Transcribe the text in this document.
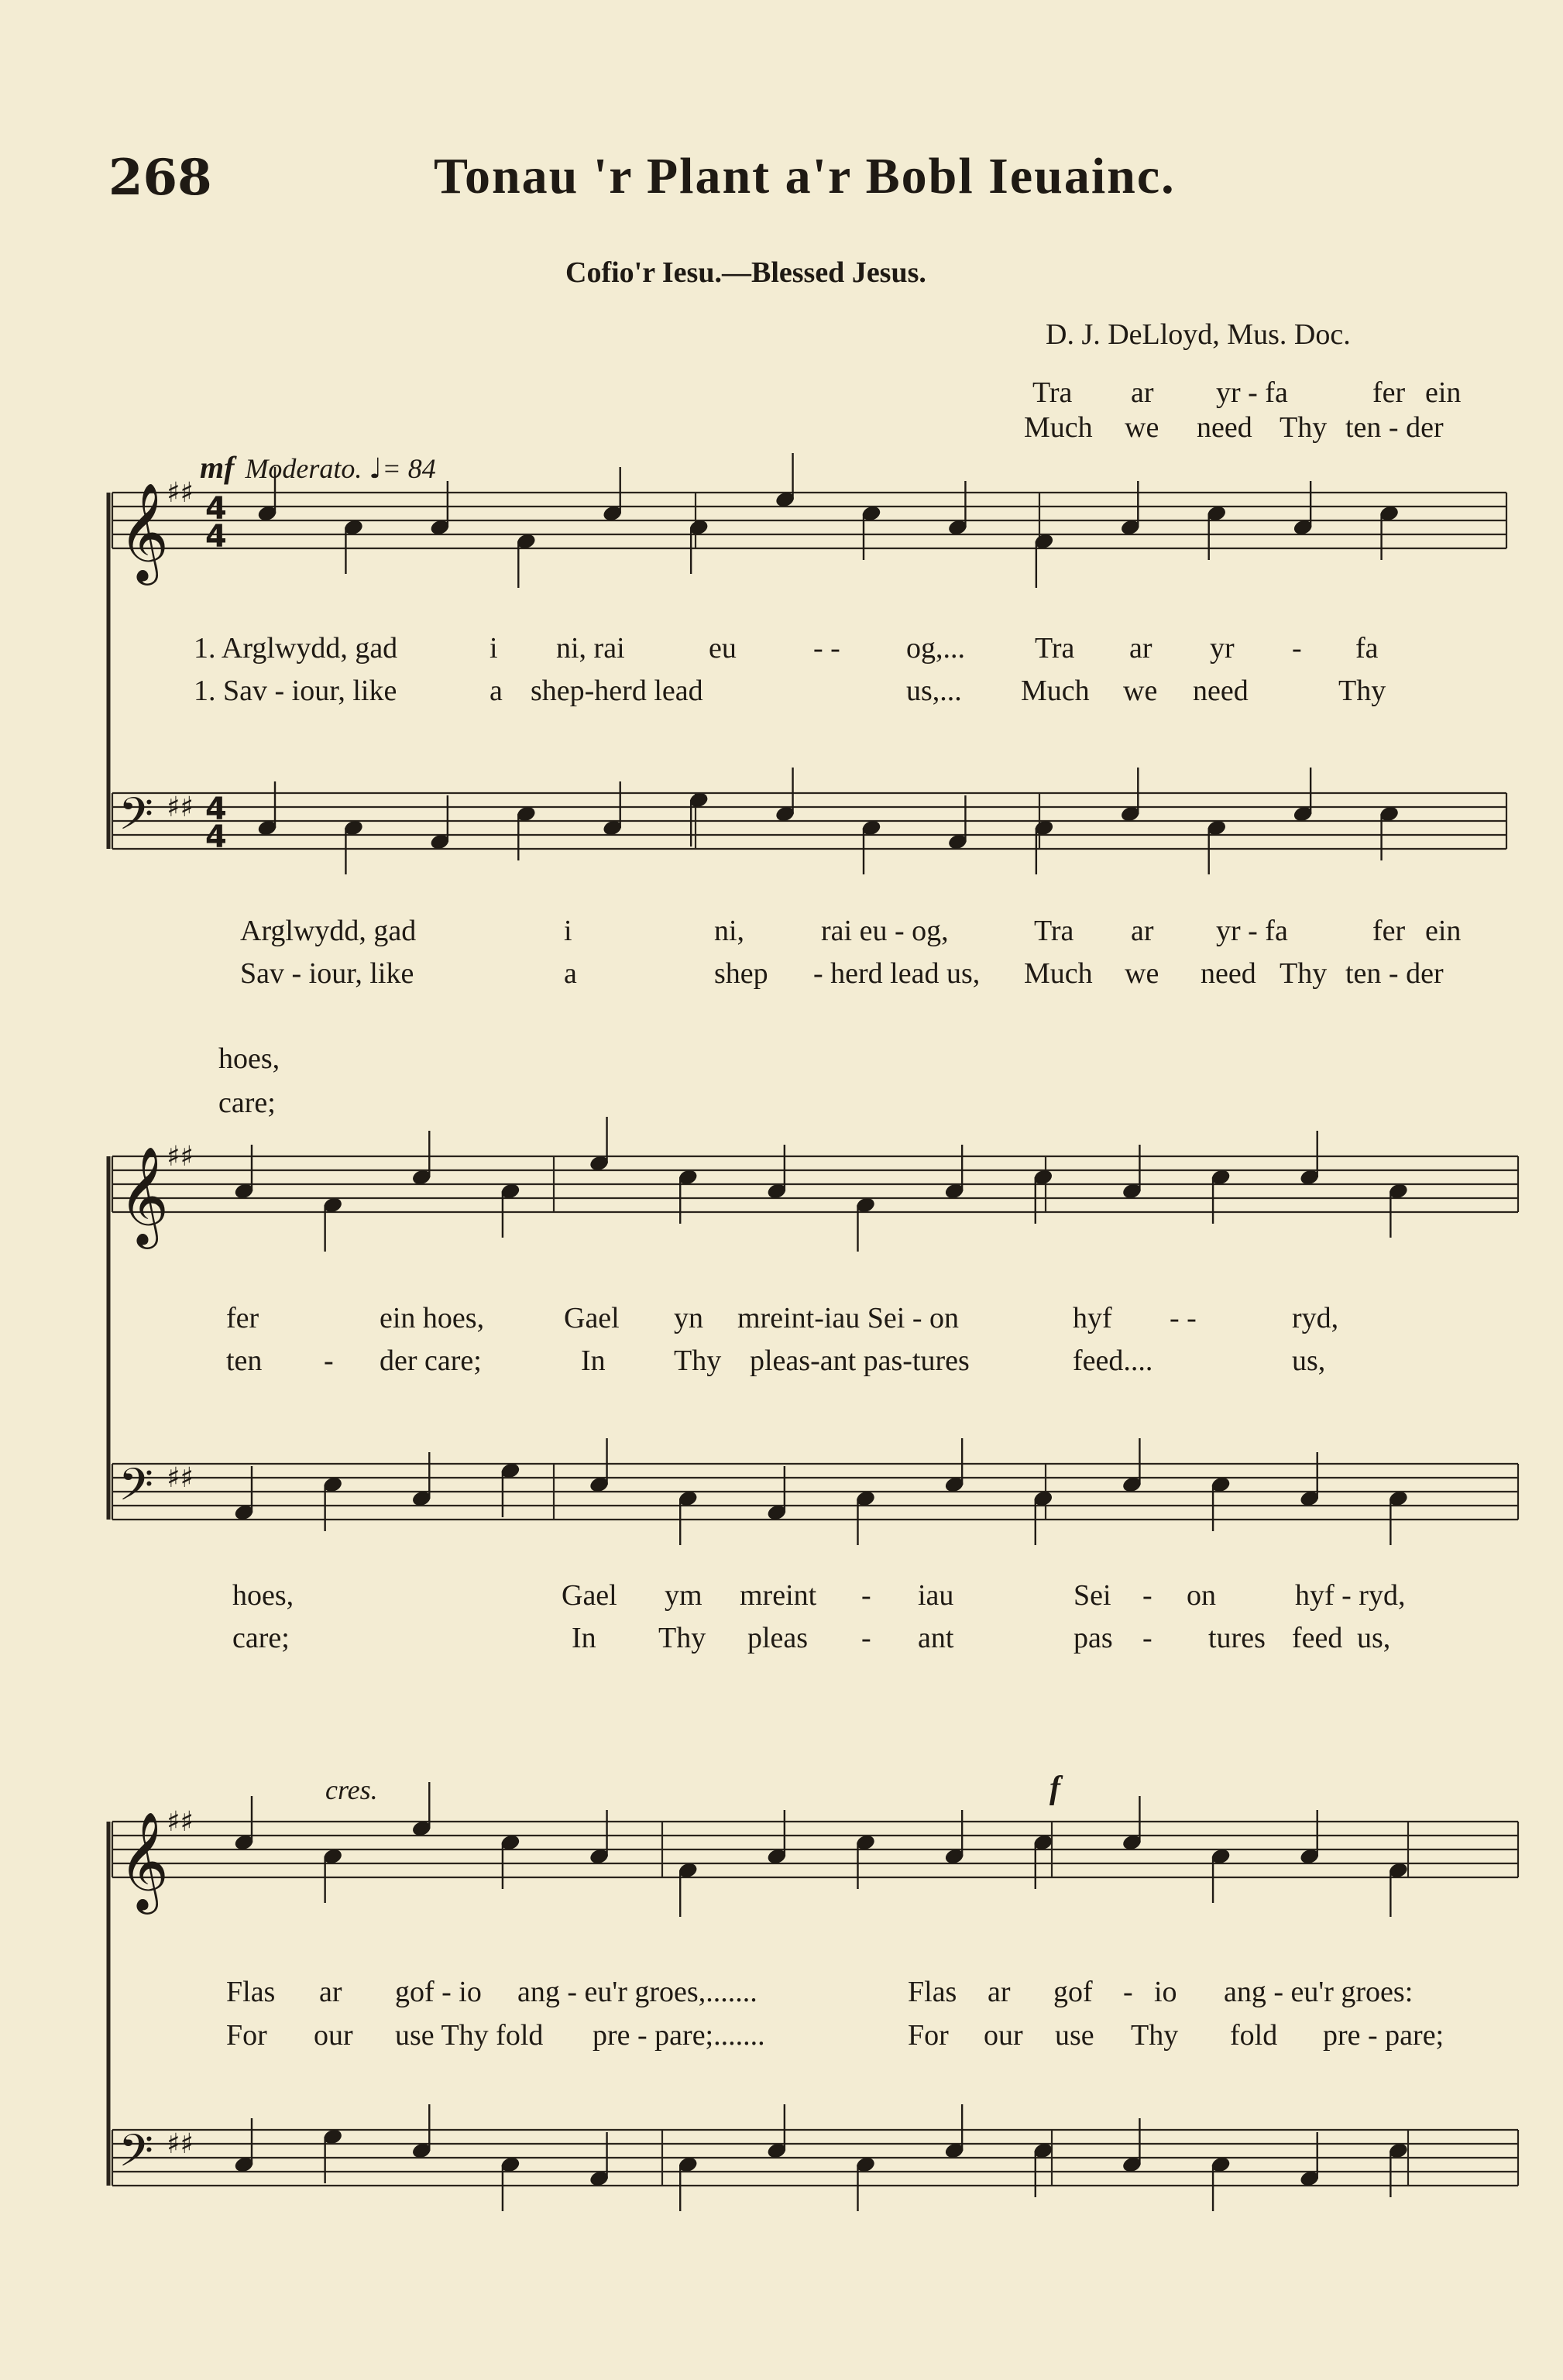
268	Tonau 'r Plant a'r Bobl Ieuainc.
Cofio'r Iesu.—Blessed Jesus.
D. J. DeLloyd, Mus. Doc.
mf Moderato. ♩= 84
cres.	f
𝄞
♯♯ 4
4
𝄢 ♯♯ 4
4
𝄞
♯♯
𝄢 ♯♯
𝄞
♯♯
𝄢 ♯♯
Tra ar yr - fa	fer ein
Much we need Thy ten - der
1. Arglwydd, gad	i ni, rai	eu	- - og,... Tra ar yr - fa
1. Sav - iour, like	a shep-herd lead	us,... Much we need	Thy
Arglwydd, gad	i	ni,	rai eu - og,	Tra ar yr - fa	fer ein
Sav - iour, like	a	shep - herd lead us, Much we need Thy ten - der
hoes,
care;
fer	ein hoes,	Gael yn mreint-iau Sei - on	hyf - -	ryd,
ten - der care;	In Thy pleas-ant pas-tures	feed....	us,
hoes,	Gael ym mreint - iau	Sei - on	hyf - ryd,
care;	In Thy pleas - ant	pas - tures feed us,
Flas ar gof - io ang - eu'r groes,.......	Flas ar gof - io ang - eu'r groes:
For our use Thy fold pre - pare;.......	For our use Thy fold pre - pare;
